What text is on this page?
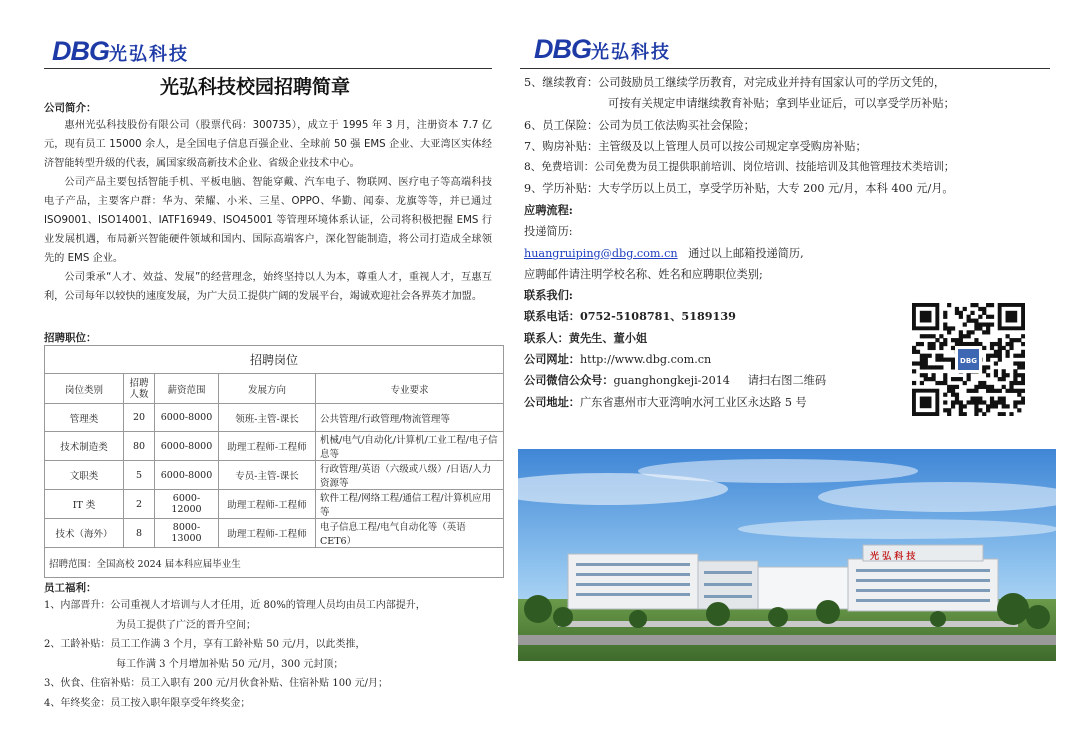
DBG光弘科技
光弘科技校园招聘简章
公司简介：
惠州光弘科技股份有限公司（股票代码：300735），成立于 1995 年 3 月，注册资本 7.7 亿元，现有员工 15000 余人，是全国电子信息百强企业、全球前 50 强 EMS 企业、大亚湾区实体经济智能转型升级的代表，属国家级高新技术企业、省级企业技术中心。
公司产品主要包括智能手机、平板电脑、智能穿戴、汽车电子、物联网、医疗电子等高端科技电子产品，主要客户群：华为、荣耀、小米、三星、OPPO、华勤、闻泰、龙旗等等，并已通过 ISO9001、ISO14001、IATF16949、ISO45001 等管理环境体系认证，公司将积极把握 EMS 行业发展机遇，布局新兴智能硬件领域和国内、国际高端客户，深化智能制造，将公司打造成全球领先的 EMS 企业。
公司秉承“人才、效益、发展”的经营理念，始终坚持以人为本，尊重人才，重视人才，互惠互利，公司每年以较快的速度发展，为广大员工提供广阔的发展平台，竭诚欢迎社会各界英才加盟。
招聘职位：
招聘岗位				
岗位类别	招聘人数	薪资范围	发展方向	专业要求
管理类	20	6000-8000	领班-主管-课长	公共管理/行政管理/物流管理等
技术制造类	80	6000-8000	助理工程师-工程师	机械/电气/自动化/计算机/工业工程/电子信息等
文职类	5	6000-8000	专员-主管-课长	行政管理/英语（六级或八级）/日语/人力资源等
IT 类	2	6000-12000	助理工程师-工程师	软件工程/网络工程/通信工程/计算机应用等
技术（海外）	8	8000-13000	助理工程师-工程师	电子信息工程/电气自动化等（英语 CET6）
招聘范围：全国高校 2024 届本科应届毕业生				
员工福利：
1、内部晋升：公司重视人才培训与人才任用，近 80%的管理人员均由员工内部提升，
为员工提供了广泛的晋升空间；
2、工龄补贴：员工工作满 3 个月，享有工龄补贴 50 元/月，以此类推，
每工作满 3 个月增加补贴 50 元/月，300 元封顶；
3、伙食、住宿补贴：员工入职有 200 元/月伙食补贴、住宿补贴 100 元/月；
4、年终奖金：员工按入职年限享受年终奖金；
DBG光弘科技
5、继续教育：公司鼓励员工继续学历教育，对完成业并持有国家认可的学历文凭的，
可按有关规定申请继续教育补贴；拿到毕业证后，可以享受学历补贴；
6、员工保险：公司为员工依法购买社会保险；
7、购房补贴：主管级及以上管理人员可以按公司规定享受购房补贴；
8、免费培训：公司免费为员工提供职前培训、岗位培训、技能培训及其他管理技术类培训；
9、学历补贴：大专学历以上员工，享受学历补贴，大专 200 元/月，本科 400 元/月。
应聘流程:
投递简历:
huangruiping@dbg.com.cn 通过以上邮箱投递简历,
应聘邮件请注明学校名称、姓名和应聘职位类别;
联系我们:
联系电话：0752-5108781、5189139
联系人：黄先生、董小姐
公司网址：http://www.dbg.com.cn
公司微信公众号：guanghongkeji-2014 请扫右图二维码
公司地址：广东省惠州市大亚湾响水河工业区永达路 5 号
DBG
光 弘 科 技
